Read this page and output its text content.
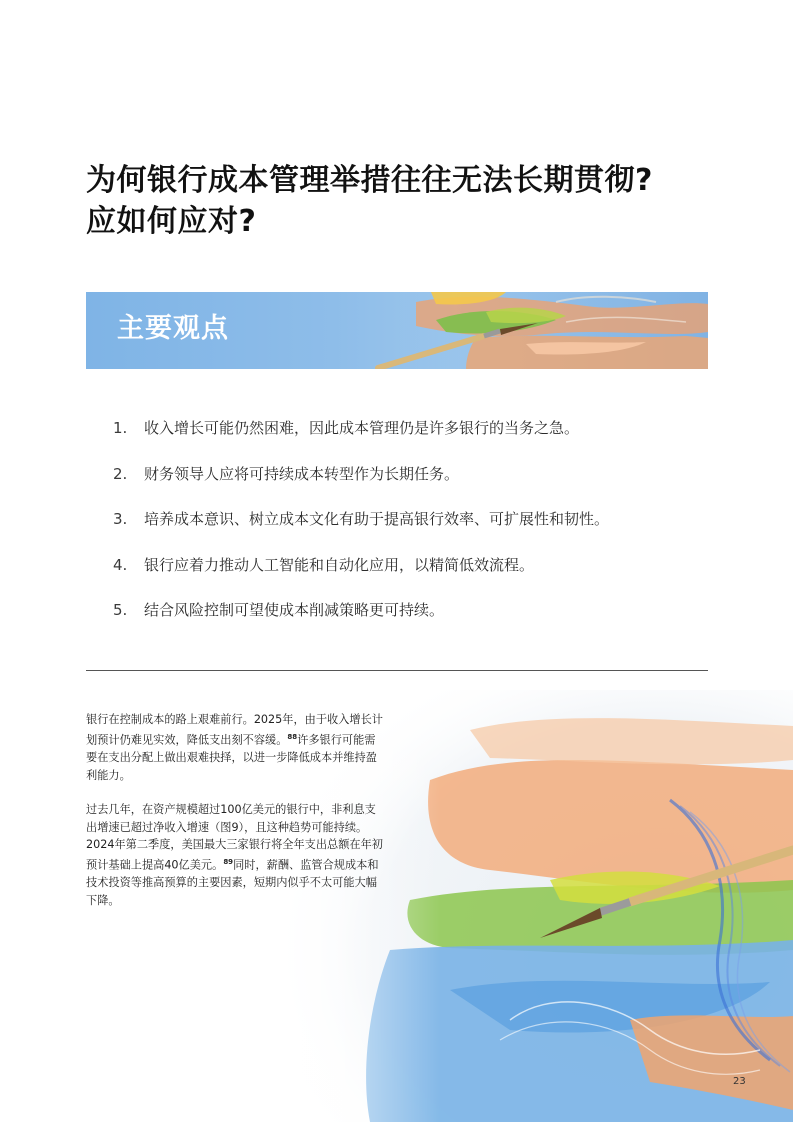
为何银行成本管理举措往往无法长期贯彻?
应如何应对?
主要观点
1. 收入增长可能仍然困难，因此成本管理仍是许多银行的当务之急。
2. 财务领导人应将可持续成本转型作为长期任务。
3. 培养成本意识、树立成本文化有助于提高银行效率、可扩展性和韧性。
4. 银行应着力推动人工智能和自动化应用，以精简低效流程。
5. 结合风险控制可望使成本削减策略更可持续。

银行在控制成本的路上艰难前行。2025年，由于收入增长计划预计仍难见实效，降低支出刻不容缓。$^{88}$许多银行可能需要在支出分配上做出艰难抉择，以进一步降低成本并维持盈利能力。

过去几年，在资产规模超过100亿美元的银行中，非利息支出增速已超过净收入增速（图9），且这种趋势可能持续。2024年第二季度，美国最大三家银行将全年支出总额在年初预计基础上提高40亿美元。$^{89}$同时，薪酬、监管合规成本和技术投资等推高预算的主要因素，短期内似乎不太可能大幅下降。

23
